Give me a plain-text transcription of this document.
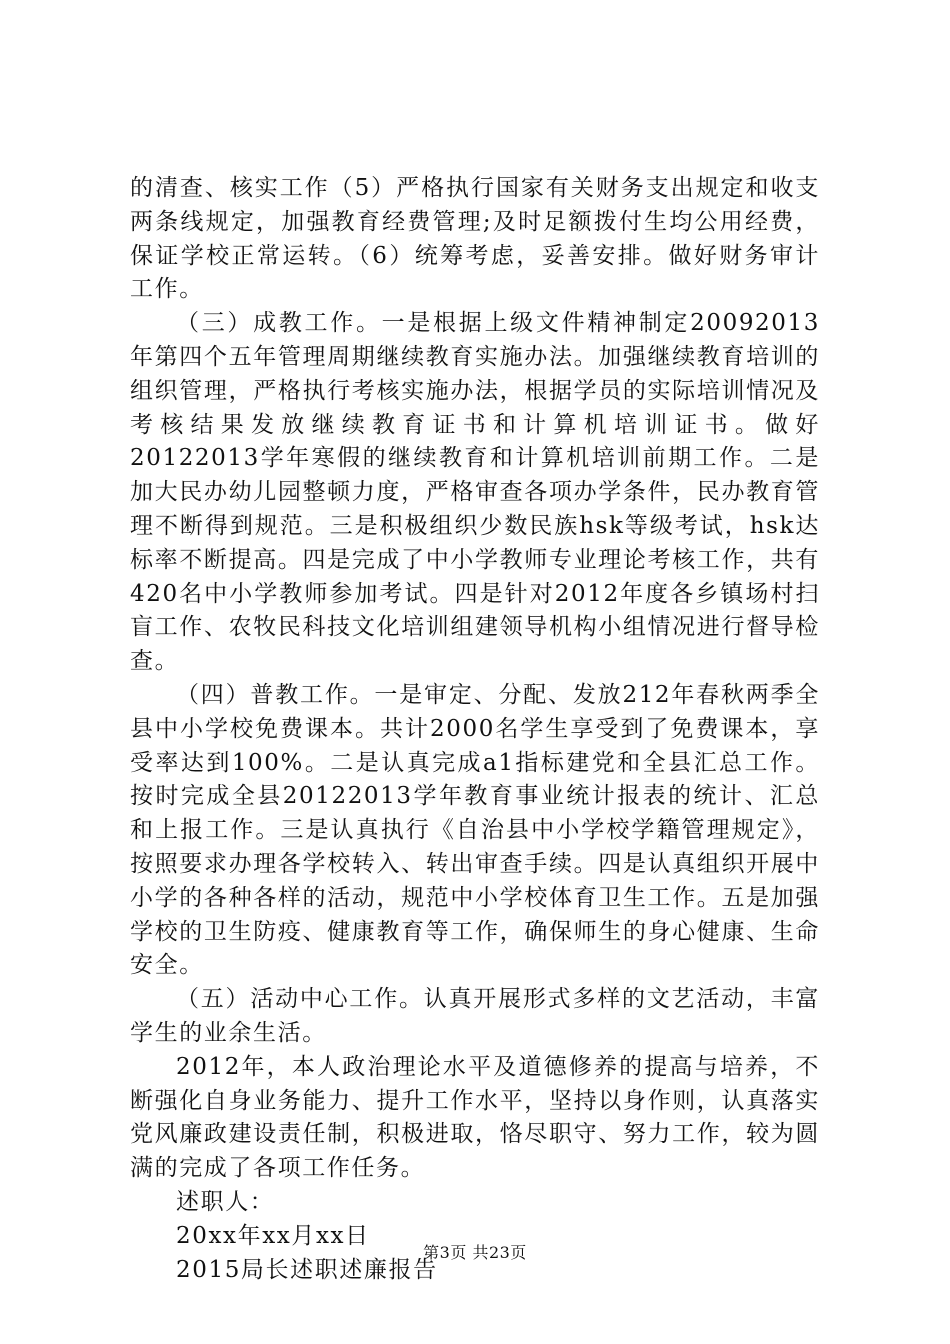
的清查、核实工作（5）严格执行国家有关财务支出规定和收支两条线规定，加强教育经费管理;及时足额拨付生均公用经费，保证学校正常运转。（6）统筹考虑，妥善安排。做好财务审计工作。

（三）成教工作。一是根据上级文件精神制定20092013年第四个五年管理周期继续教育实施办法。加强继续教育培训的组织管理，严格执行考核实施办法，根据学员的实际培训情况及考核结果发放继续教育证书和计算机培训证书。做好20122013学年寒假的继续教育和计算机培训前期工作。二是加大民办幼儿园整顿力度，严格审查各项办学条件，民办教育管理不断得到规范。三是积极组织少数民族hsk等级考试，hsk达标率不断提高。四是完成了中小学教师专业理论考核工作，共有420名中小学教师参加考试。四是针对2012年度各乡镇场村扫盲工作、农牧民科技文化培训组建领导机构小组情况进行督导检查。

（四）普教工作。一是审定、分配、发放212年春秋两季全县中小学校免费课本。共计2000名学生享受到了免费课本，享受率达到100%。二是认真完成a1指标建党和全县汇总工作。按时完成全县20122013学年教育事业统计报表的统计、汇总和上报工作。三是认真执行《自治县中小学校学籍管理规定》，按照要求办理各学校转入、转出审查手续。四是认真组织开展中小学的各种各样的活动，规范中小学校体育卫生工作。五是加强学校的卫生防疫、健康教育等工作，确保师生的身心健康、生命安全。

（五）活动中心工作。认真开展形式多样的文艺活动，丰富学生的业余生活。

2012年，本人政治理论水平及道德修养的提高与培养，不断强化自身业务能力、提升工作水平，坚持以身作则，认真落实党风廉政建设责任制，积极进取，恪尽职守、努力工作，较为圆满的完成了各项工作任务。

述职人：

20xx年xx月xx日

2015局长述职述廉报告

第3页 共23页
